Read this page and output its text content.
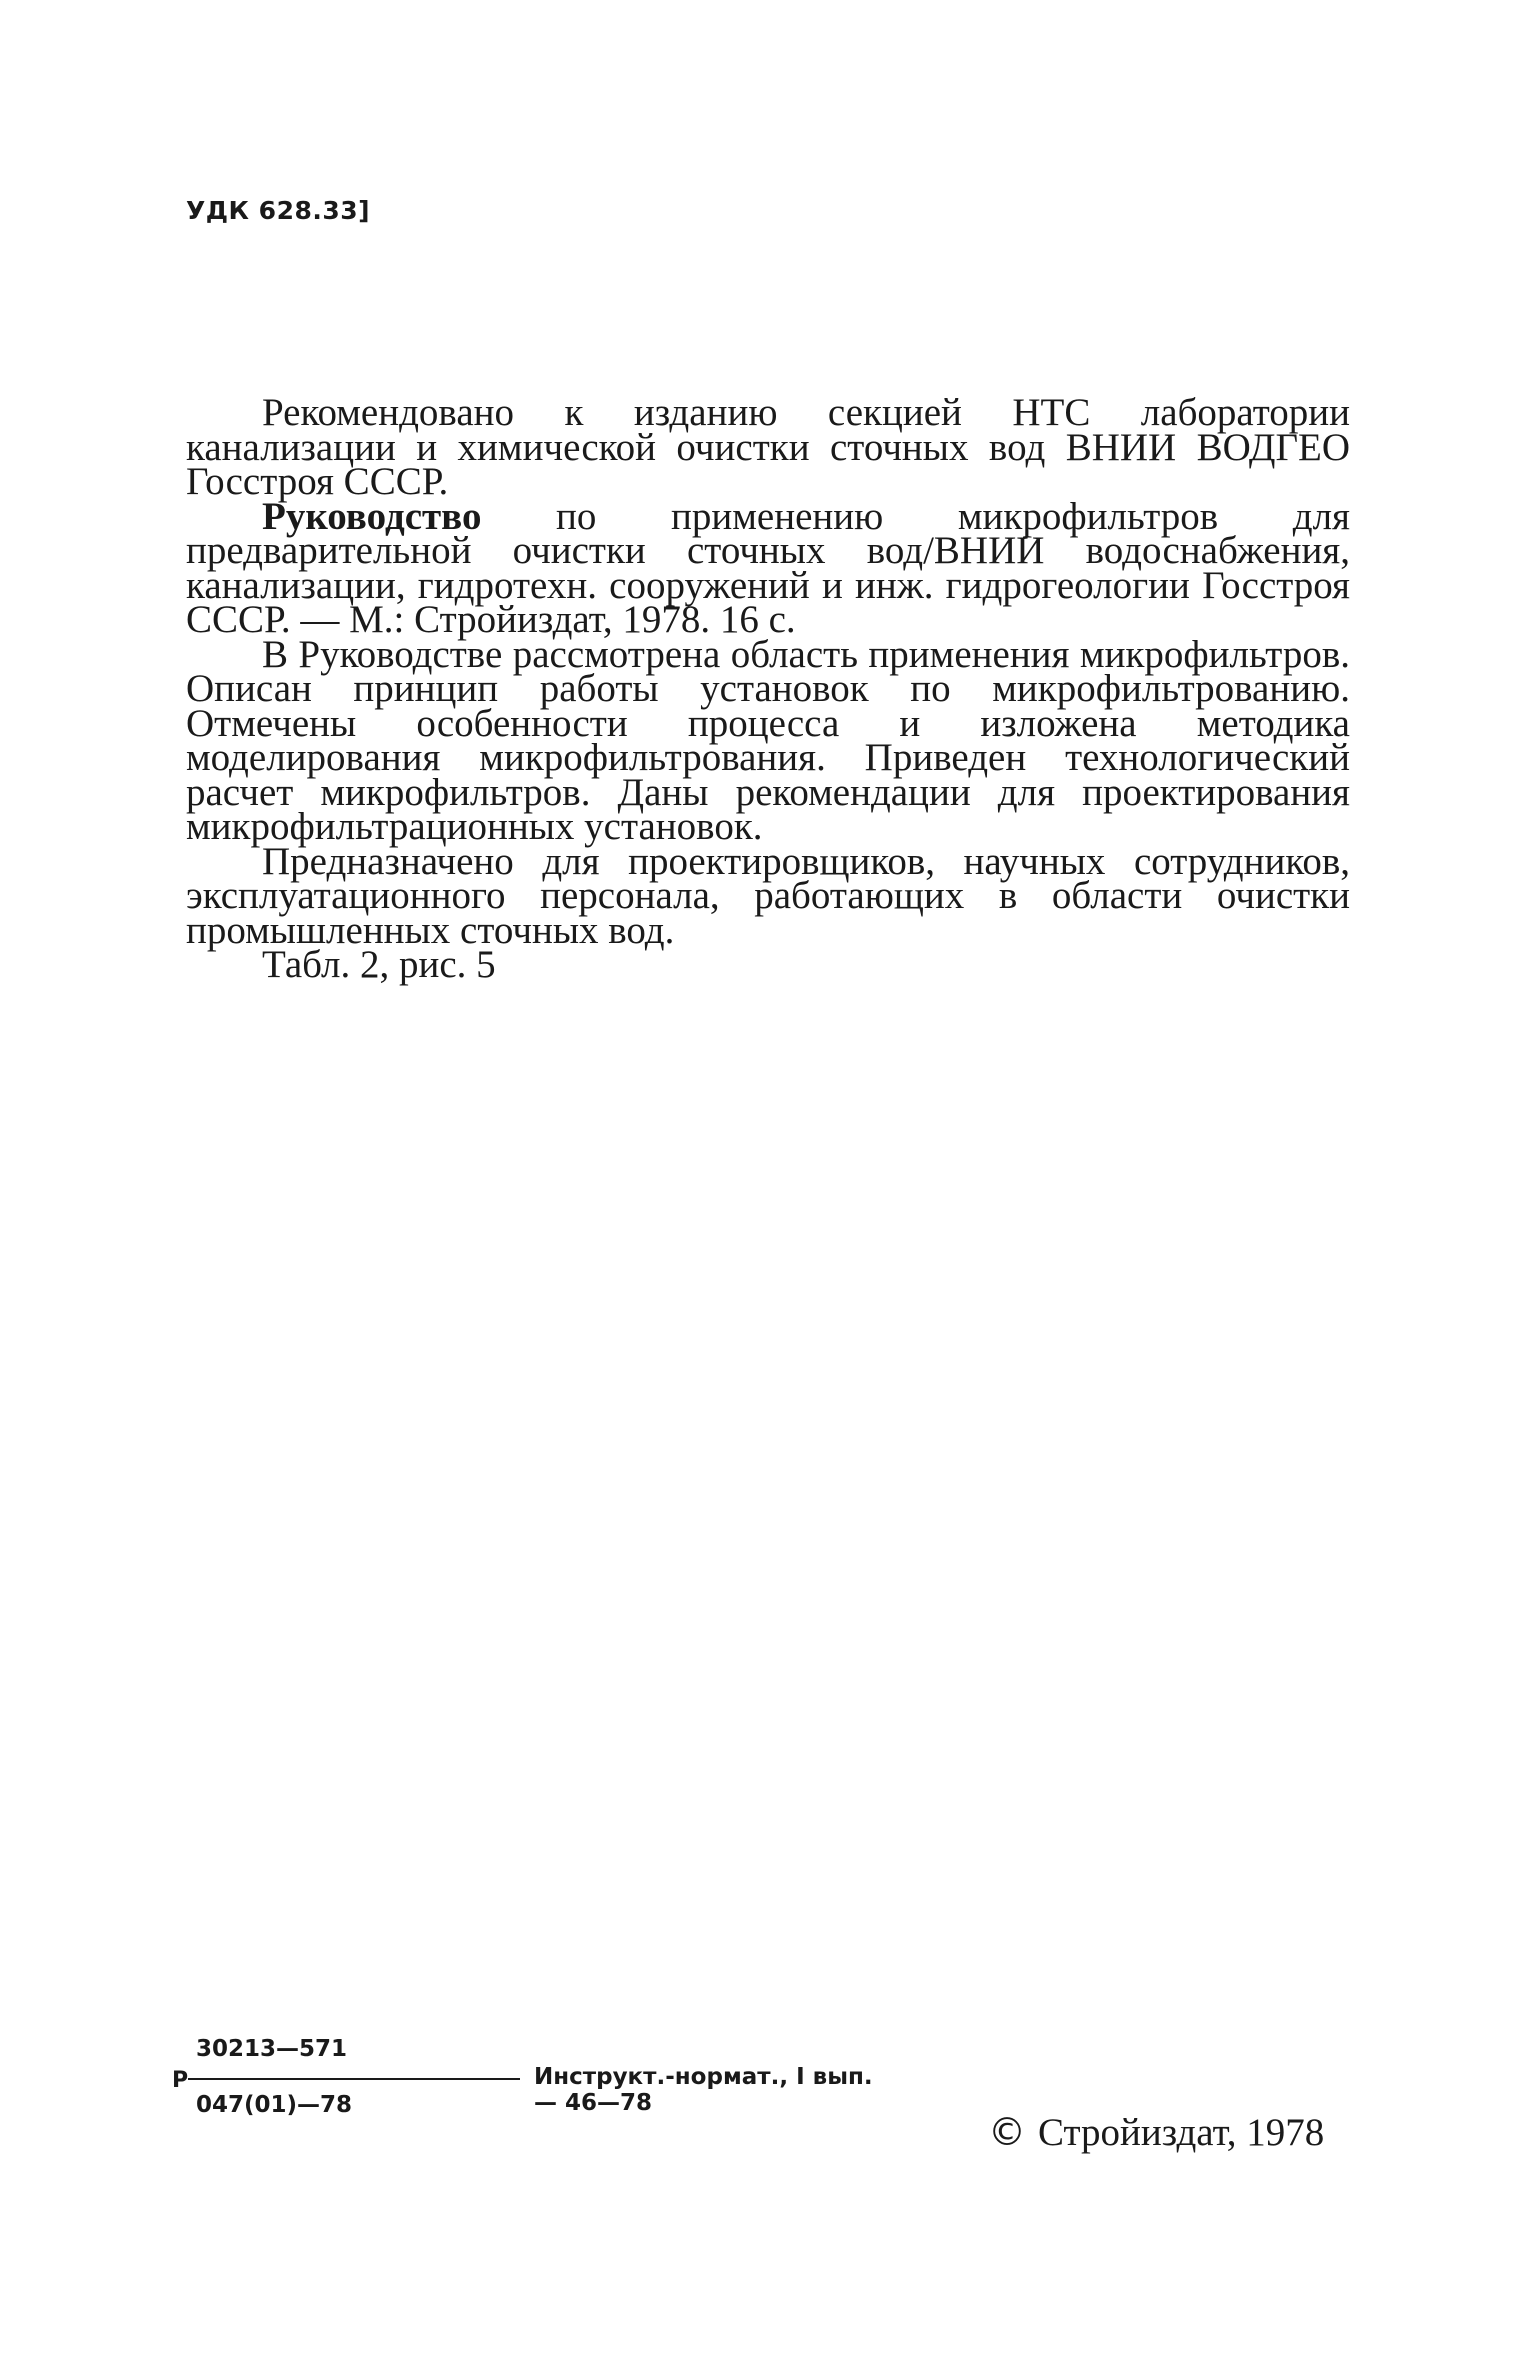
УДК 628.33]

Рекомендовано к изданию секцией НТС лаборатории канализации и химической очистки сточных вод ВНИИ ВОДГЕО Госстроя СССР.

Руководство по применению микрофильтров для предварительной очистки сточных вод/ВНИИ водоснабжения, канализации, гидротехн. сооружений и инж. гидрогеологии Госстроя СССР. — М.: Стройиздат, 1978. 16 с.

В Руководстве рассмотрена область применения микрофильтров. Описан принцип работы установок по микрофильтрованию. Отмечены особенности процесса и изложена методика моделирования микрофильтрования. Приведен технологический расчет микрофильтров. Даны рекомендации для проектирования микрофильтрационных установок.

Предназначено для проектировщиков, научных сотрудников, эксплуатационного персонала, работающих в области очистки промышленных сточных вод.

Табл. 2, рис. 5

Р
30213—571
047(01)—78
Инструкт.-нормат., I вып. — 46—78
© Стройиздат, 1978
